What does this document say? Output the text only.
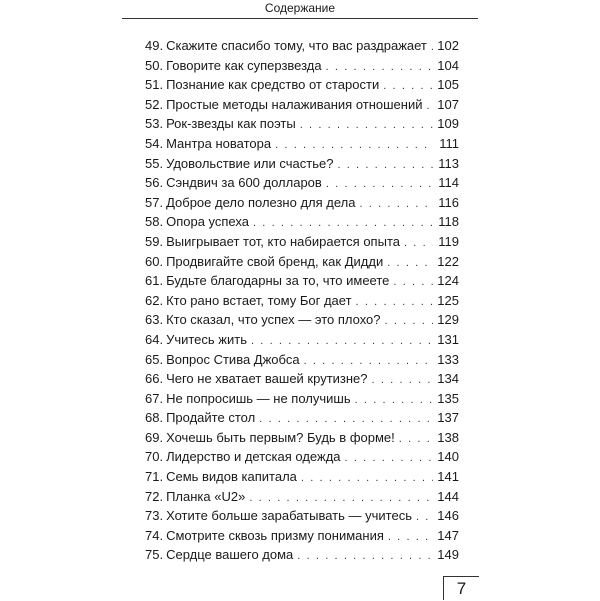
Содержание
49. Скажите спасибо тому, что вас раздражает . . . 102
50. Говорите как суперзвезда . . .	104
51. Познание как средство от старости . . .	105
52. Простые методы налаживания отношений . . . 107
53. Рок-звезды как поэты . . .	109
54. Мантра новатора . . .	111
55. Удовольствие или счастье? . . .	113
56. Сэндвич за 600 долларов . . .	114
57. Доброе дело полезно для дела . . .	116
58. Опора успеха . . .	118
59. Выигрывает тот, кто набирается опыта . . .	119
60. Продвигайте свой бренд, как Дидди . . .	122
61. Будьте благодарны за то, что имеете . . .	124
62. Кто рано встает, тому Бог дает . . .	125
63. Кто сказал, что успех — это плохо? . . .	129
64. Учитесь жить . . .	131
65. Вопрос Стива Джобса . . .	133
66. Чего не хватает вашей крутизне? . . .	134
67. Не попросишь — не получишь . . .	135
68. Продайте стол . . .	137
69. Хочешь быть первым? Будь в форме! . . .	138
70. Лидерство и детская одежда . . .	140
71. Семь видов капитала . . .	141
72. Планка «U2» . . .	144
73. Хотите больше зарабатывать — учитесь . . . 146
74. Смотрите сквозь призму понимания . . .	147
75. Сердце вашего дома . . .	149
7
